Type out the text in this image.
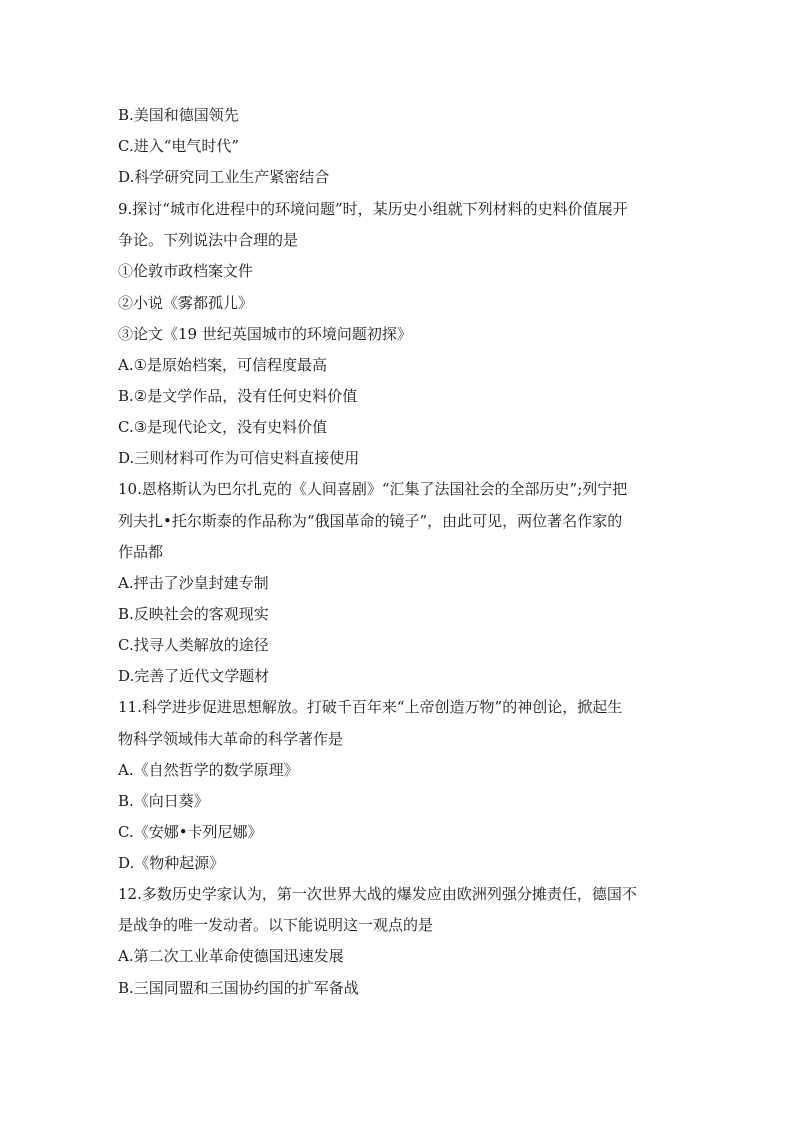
B.美国和德国领先
C.进入“电气时代”
D.科学研究同工业生产紧密结合
9.探讨“城市化进程中的环境问题”时，某历史小组就下列材料的史料价值展开
争论。下列说法中合理的是
①伦敦市政档案文件
②小说《雾都孤儿》
③论文《19 世纪英国城市的环境问题初探》
A.①是原始档案，可信程度最高
B.②是文学作品，没有任何史料价值
C.③是现代论文，没有史料价值
D.三则材料可作为可信史料直接使用
10.恩格斯认为巴尔扎克的《人间喜剧》“汇集了法国社会的全部历史”;列宁把
列夫扎•托尔斯泰的作品称为“俄国革命的镜子”，由此可见，两位著名作家的
作品都
A.抨击了沙皇封建专制
B.反映社会的客观现实
C.找寻人类解放的途径
D.完善了近代文学题材
11.科学进步促进思想解放。打破千百年来“上帝创造万物”的神创论，掀起生
物科学领域伟大革命的科学著作是
A.《自然哲学的数学原理》
B.《向日葵》
C.《安娜•卡列尼娜》
D.《物种起源》
12.多数历史学家认为，第一次世界大战的爆发应由欧洲列强分摊责任，德国不
是战争的唯一发动者。以下能说明这一观点的是
A.第二次工业革命使德国迅速发展
B.三国同盟和三国协约国的扩军备战
